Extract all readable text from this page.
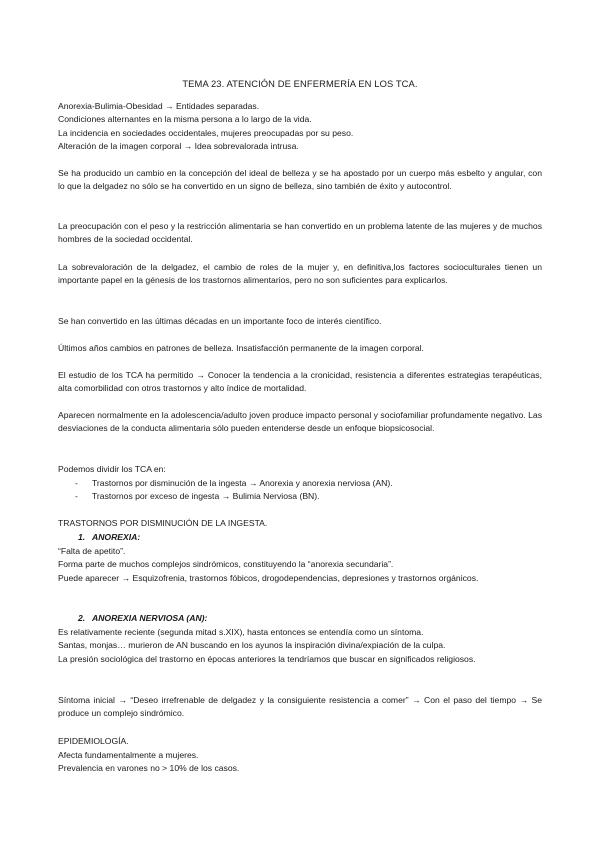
TEMA 23. ATENCIÓN DE ENFERMERÍA EN LOS TCA.
Anorexia-Bulimia-Obesidad → Entidades separadas.
Condiciones alternantes en la misma persona a lo largo de la vida.
La incidencia en sociedades occidentales, mujeres preocupadas por su peso.
Alteración de la imagen corporal → Idea sobrevalorada intrusa.
Se ha producido un cambio en la concepción del ideal de belleza y se ha apostado por un cuerpo más esbelto y angular, con lo que la delgadez no sólo se ha convertido en un signo de belleza, sino también de éxito y autocontrol.
La preocupación con el peso y la restricción alimentaria se han convertido en un problema latente de las mujeres y de muchos hombres de la sociedad occidental.
La sobrevaloración de la delgadez, el cambio de roles de la mujer y, en definitiva,los factores socioculturales tienen un importante papel en la génesis de los trastornos alimentarios, pero no son suficientes para explicarlos.
Se han convertido en las últimas décadas en un importante foco de interés científico.
Últimos años cambios en patrones de belleza. Insatisfacción permanente de la imagen corporal.
El estudio de los TCA ha permitido → Conocer la tendencia a la cronicidad, resistencia a diferentes estrategias terapéuticas, alta comorbilidad con otros trastornos y alto índice de mortalidad.
Aparecen normalmente en la adolescencia/adulto joven produce impacto personal y sociofamiliar profundamente negativo. Las desviaciones de la conducta alimentaria sólo pueden entenderse desde un enfoque biopsicosocial.
Podemos dividir los TCA en:
- Trastornos por disminución de la ingesta → Anorexia y anorexia nerviosa (AN).
- Trastornos por exceso de ingesta → Bulimia Nerviosa (BN).
TRASTORNOS POR DISMINUCIÓN DE LA INGESTA.
1. ANOREXIA:
“Falta de apetito”.
Forma parte de muchos complejos sindrómicos, constituyendo la “anorexia secundaria”.
Puede aparecer → Esquizofrenia, trastornos fóbicos, drogodependencias, depresiones y trastornos orgánicos.
2. ANOREXIA NERVIOSA (AN):
Es relativamente reciente (segunda mitad s.XIX), hasta entonces se entendía como un síntoma.
Santas, monjas… murieron de AN buscando en los ayunos la inspiración divina/expiación de la culpa.
La presión sociológica del trastorno en épocas anteriores la tendríamos que buscar en significados religiosos.
Síntoma inicial → “Deseo irrefrenable de delgadez y la consiguiente resistencia a comer” → Con el paso del tiempo → Se produce un complejo sindrómico.
EPIDEMIOLOGÍA.
Afecta fundamentalmente a mujeres.
Prevalencia en varones no > 10% de los casos.
